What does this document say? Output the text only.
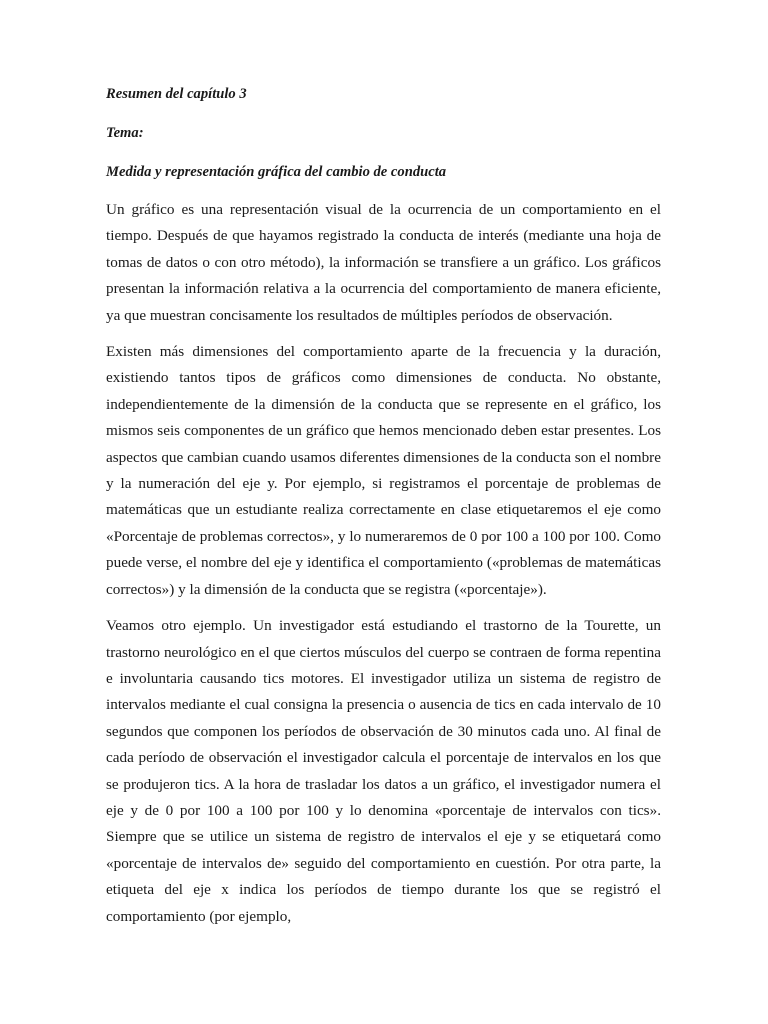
Resumen del capítulo 3

Tema:

Medida y representación gráfica del cambio de conducta

Un gráfico es una representación visual de la ocurrencia de un comportamiento en el tiempo. Después de que hayamos registrado la conducta de interés (mediante una hoja de tomas de datos o con otro método), la información se transfiere a un gráfico. Los gráficos presentan la información relativa a la ocurrencia del comportamiento de manera eficiente, ya que muestran concisamente los resultados de múltiples períodos de observación.

Existen más dimensiones del comportamiento aparte de la frecuencia y la duración, existiendo tantos tipos de gráficos como dimensiones de conducta. No obstante, independientemente de la dimensión de la conducta que se represente en el gráfico, los mismos seis componentes de un gráfico que hemos mencionado deben estar presentes. Los aspectos que cambian cuando usamos diferentes dimensiones de la conducta son el nombre y la numeración del eje y. Por ejemplo, si registramos el porcentaje de problemas de matemáticas que un estudiante realiza correctamente en clase etiquetaremos el eje como «Porcentaje de problemas correctos», y lo numeraremos de 0 por 100 a 100 por 100. Como puede verse, el nombre del eje y identifica el comportamiento («problemas de matemáticas correctos») y la dimensión de la conducta que se registra («porcentaje»).

Veamos otro ejemplo. Un investigador está estudiando el trastorno de la Tourette, un trastorno neurológico en el que ciertos músculos del cuerpo se contraen de forma repentina e involuntaria causando tics motores. El investigador utiliza un sistema de registro de intervalos mediante el cual consigna la presencia o ausencia de tics en cada intervalo de 10 segundos que componen los períodos de observación de 30 minutos cada uno. Al final de cada período de observación el investigador calcula el porcentaje de intervalos en los que se produjeron tics. A la hora de trasladar los datos a un gráfico, el investigador numera el eje y de 0 por 100 a 100 por 100 y lo denomina «porcentaje de intervalos con tics». Siempre que se utilice un sistema de registro de intervalos el eje y se etiquetará como «porcentaje de intervalos de» seguido del comportamiento en cuestión. Por otra parte, la etiqueta del eje x indica los períodos de tiempo durante los que se registró el comportamiento (por ejemplo,
